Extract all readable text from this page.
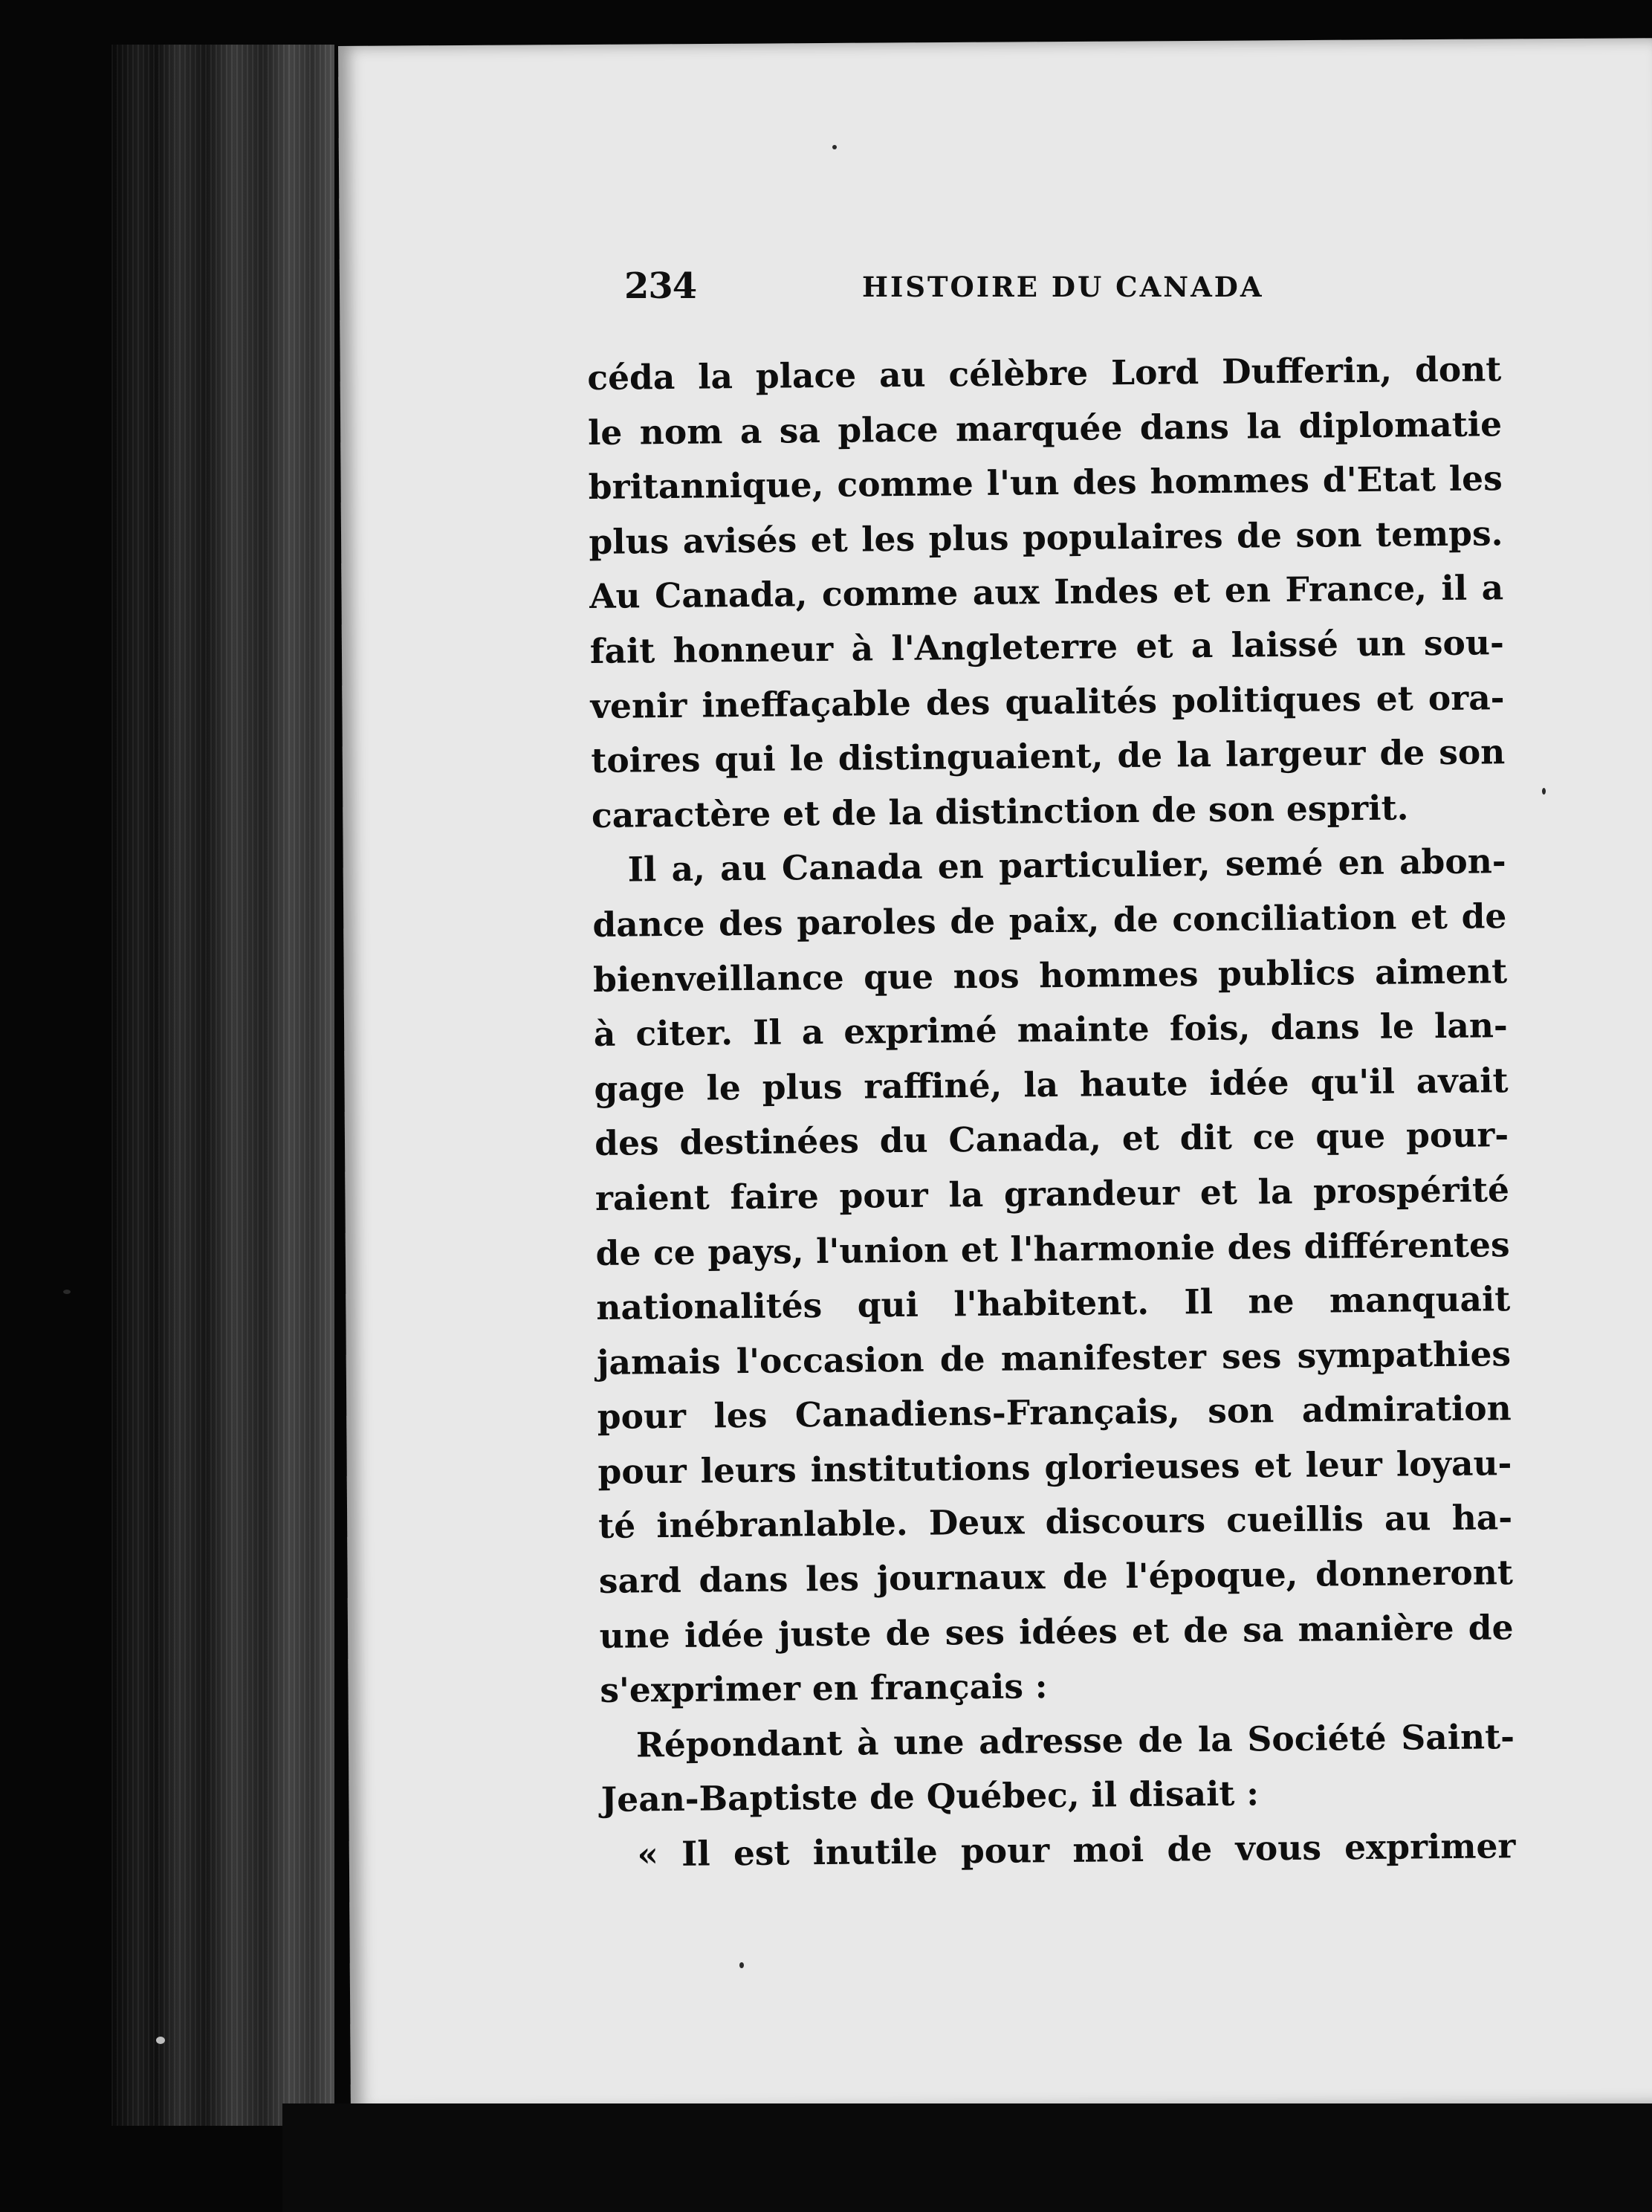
234	HISTOIRE DU CANADA
céda la place au célèbre Lord Dufferin, dont
le nom a sa place marquée dans la diplomatie
britannique, comme l'un des hommes d'Etat les
plus avisés et les plus populaires de son temps.
Au Canada, comme aux Indes et en France, il a
fait honneur à l'Angleterre et a laissé un sou-
venir ineffaçable des qualités politiques et ora-
toires qui le distinguaient, de la largeur de son
caractère et de la distinction de son esprit.
Il a, au Canada en particulier, semé en abon-
dance des paroles de paix, de conciliation et de
bienveillance que nos hommes publics aiment
à citer. Il a exprimé mainte fois, dans le lan-
gage le plus raffiné, la haute idée qu'il avait
des destinées du Canada, et dit ce que pour-
raient faire pour la grandeur et la prospérité
de ce pays, l'union et l'harmonie des différentes
nationalités qui l'habitent. Il ne manquait
jamais l'occasion de manifester ses sympathies
pour les Canadiens-Français, son admiration
pour leurs institutions glorieuses et leur loyau-
té inébranlable. Deux discours cueillis au ha-
sard dans les journaux de l'époque, donneront
une idée juste de ses idées et de sa manière de
s'exprimer en français :
Répondant à une adresse de la Société Saint-
Jean-Baptiste de Québec, il disait :
« Il est inutile pour moi de vous exprimer
